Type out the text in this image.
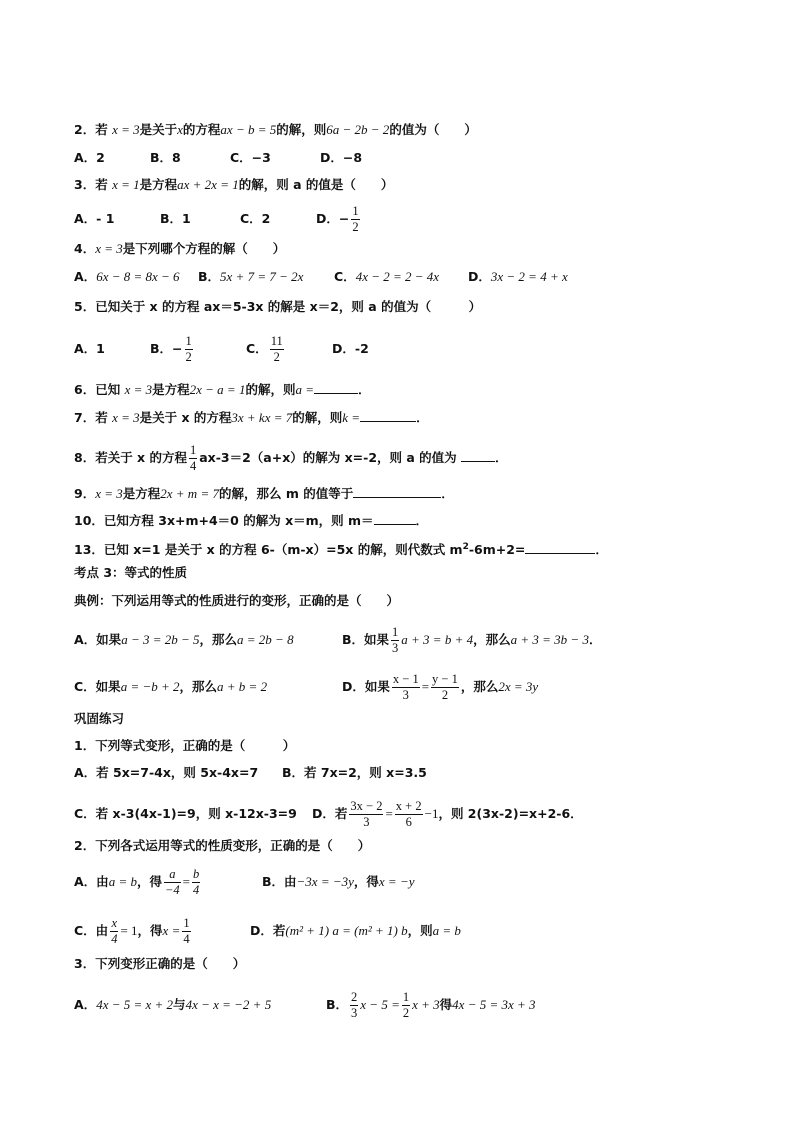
2．若 x = 3是关于x的方程ax − b = 5的解，则6a − 2b − 2的值为（　　）
A．2	B．8	C．−3	D．−8
3．若 x = 1是方程ax + 2x = 1的解，则 a 的值是（　　）
A．- 1	B．1	C．2	D．− $\frac{1}{2}$
4．x = 3是下列哪个方程的解（　　）
A．6x − 8 = 8x − 6 B．5x + 7 = 7 − 2x C．4x − 2 = 2 − 4x D．3x − 2 = 4 + x
5．已知关于 x 的方程 ax＝5-3x 的解是 x＝2，则 a 的值为（　　　）
A．1	B．− $\frac{1}{2}$	C． $\frac{11}{2}$	D．-2
6．已知 x = 3是方程2x − a = 1的解，则a =	．
7．若 x = 3是关于 x 的方程3x + kx = 7的解，则k =	．
8．若关于 x 的方程 $\frac{1}{4} ax-3=2(a+x)$的解为 x=-2，则 a 的值为	．
9．x = 3是方程2x + m = 7的解，那么 m 的值等于	．
10．已知方程 3x+m+4＝0 的解为 x＝m，则 m＝	．
13．已知 x=1 是关于 x 的方程 6-（m-x）=5x 的解，则代数式 $m^2-6m+2=$	．
考点 3：等式的性质
典例：下列运用等式的性质进行的变形，正确的是（　　）
A．如果a − 3 = 2b − 5，那么a = 2b − 8	B．如果 $\frac{1}{3}$ a + 3 = b + 4，那么a + 3 = 3b − 3．
C．如果a = −b + 2，那么a + b = 2	D．如果 $\frac{x - 1}{3} = \frac{y - 1}{2}$ ，那么2x = 3y
巩固练习
1．下列等式变形，正确的是（　　　）
A．若 5x=7-4x，则 5x-4x=7 B．若 7x=2，则 x=3.5
C．若 x-3(4x-1)=9，则 x-12x-3=9 D．若 $\frac{3x - 2}{3} = \frac{x + 2}{6} -1$，则 2(3x-2)=x+2-6．
2．下列各式运用等式的性质变形，正确的是（　　）
A．由a = b，得 $\frac{a}{-4} = \frac{b}{4}$	B．由−3x = −3y，得x = −y
C．由 $\frac{x}{4} = 1$，得$x = \frac{1}{4}$	D．若(m² + 1) a = (m² + 1) b，则a = b
3．下列变形正确的是（　　）
A．4x − 5 = x + 2与4x − x = −2 + 5	B． $\frac{2}{3}$ $x - 5 = \frac{1}{2}$ x + 3得4x − 5 = 3x + 3
